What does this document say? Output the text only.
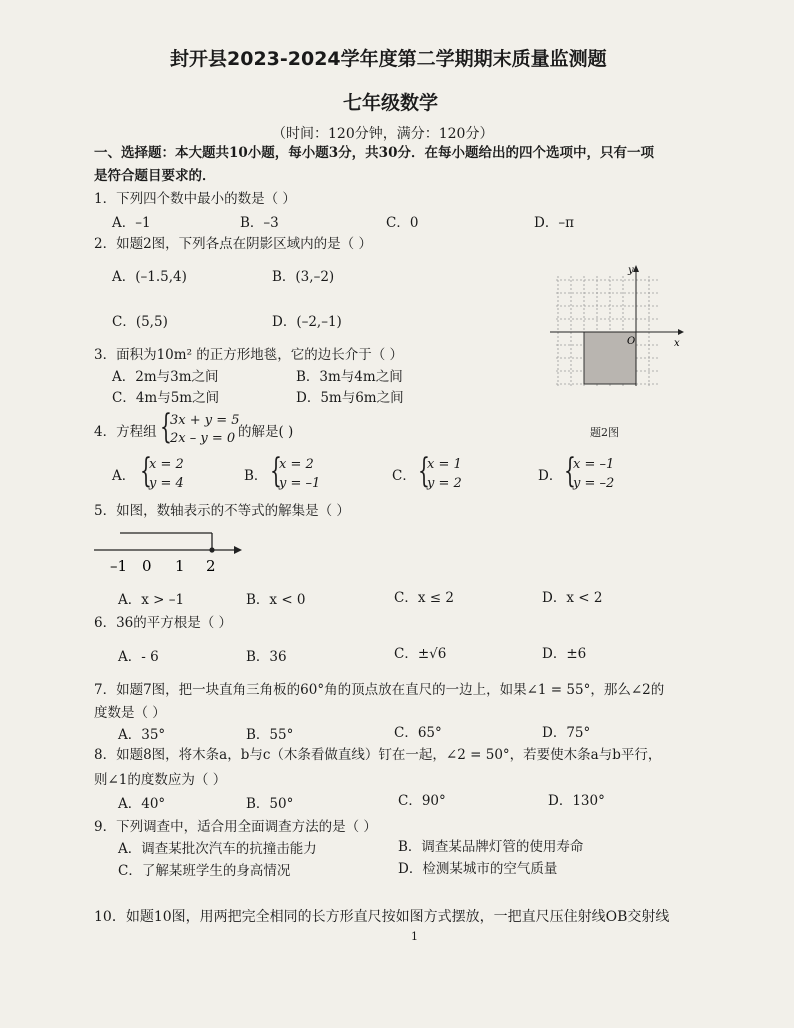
封开县2023-2024学年度第二学期期末质量监测题
七年级数学
（时间：120分钟，满分：120分）
一、选择题：本大题共10小题，每小题3分，共30分．在每小题给出的四个选项中，只有一项
是符合题目要求的．
1．下列四个数中最小的数是（ ）
A．–1	B．–3	C．0	D．–π
2．如题2图，下列各点在阴影区域内的是（ ）
A．(–1.5,4)	B．(3,–2)
C．(5,5)	D．(–2,–1)
O	x
y
3．面积为10m² 的正方形地毯，它的边长介于（ ）
A．2m与3m之间	B．3m与4m之间
C．4m与5m之间	D．5m与6m之间
4．方程组 {
3x + y = 5
2x – y = 0 的解是( )	题2图
A． {
x = 2
y = 4	B． {
x = 2
y = –1	C． {
x = 1
y = 2	D． {
x = –1
y = –2
5．如图，数轴表示的不等式的解集是（ ）
–1 0 1 2
A．x > –1	B．x < 0	C．x ≤ 2	D．x < 2
6．36的平方根是（ ）
A．- 6	B．36	C．±√6	D．±6
7．如题7图，把一块直角三角板的60°角的顶点放在直尺的一边上，如果∠1 = 55°，那么∠2的
度数是（ ）
A．35°	B．55°	C．65°	D．75°
8．如题8图，将木条a，b与c（木条看做直线）钉在一起，∠2 = 50°，若要使木条a与b平行，
则∠1的度数应为（ ）
A．40°	B．50°	C．90°	D．130°
9．下列调查中，适合用全面调查方法的是（ ）
A．调查某批次汽车的抗撞击能力	B．调查某品牌灯管的使用寿命
C．了解某班学生的身高情况	D．检测某城市的空气质量
10．如题10图，用两把完全相同的长方形直尺按如图方式摆放，一把直尺压住射线OB交射线
1
